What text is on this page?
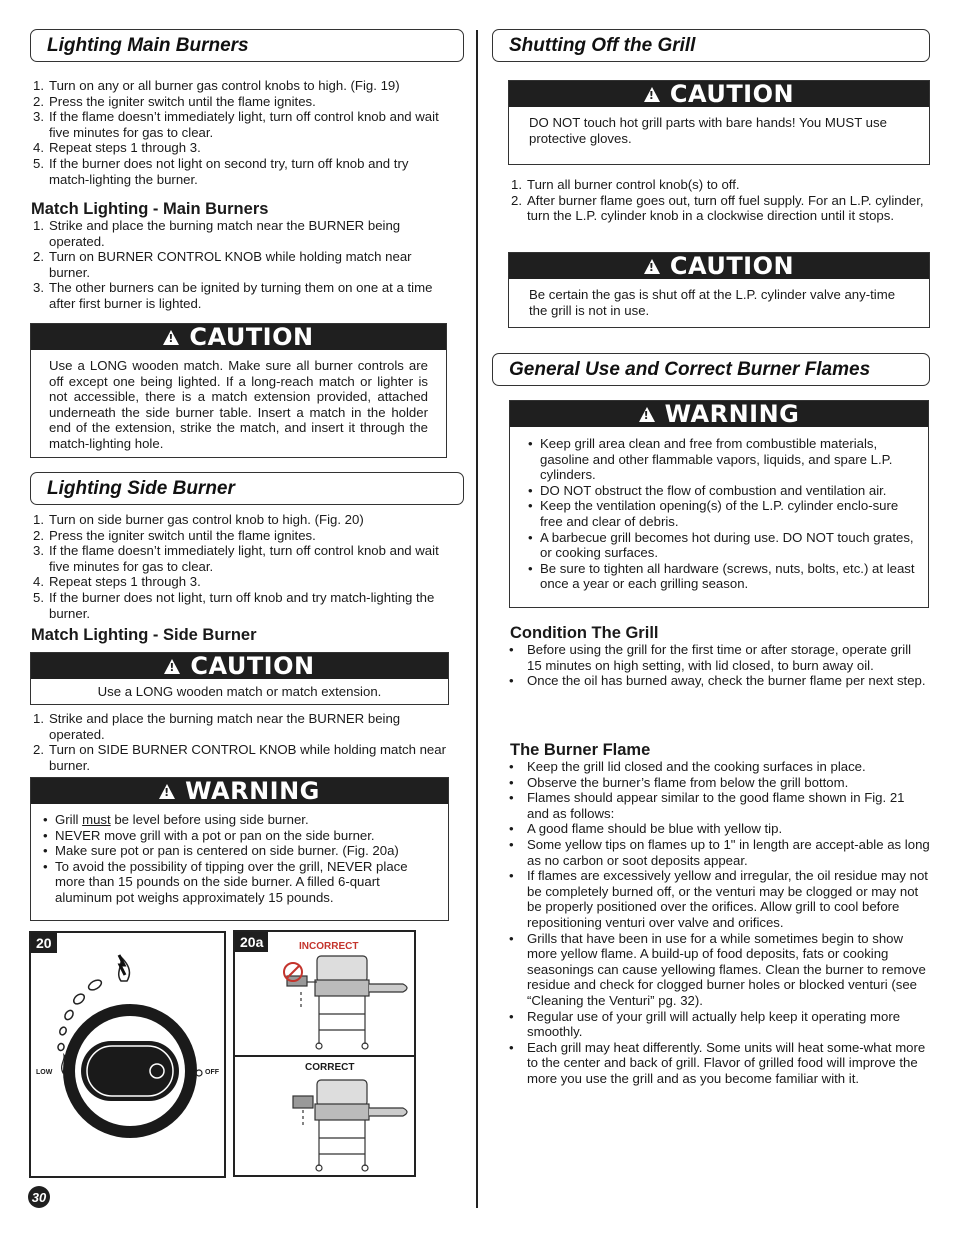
Lighting Main Burners
1. Turn on any or all burner gas control knobs to high. (Fig. 19)
2. Press the igniter switch until the flame ignites.
3. If the flame doesn’t immediately light, turn off control knob and wait five minutes for gas to clear.
4. Repeat steps 1 through 3.
5. If the burner does not light on second try, turn off knob and try match-lighting the burner.
Match Lighting - Main Burners
1. Strike and place the burning match near the BURNER being operated.
2. Turn on BURNER CONTROL KNOB while holding match near burner.
3. The other burners can be ignited by turning them on one at a time after first burner is lighted.
!
CAUTION
Use a LONG wooden match. Make sure all burner controls are off except one being lighted. If a long-reach match or lighter is not accessible, there is a match extension provided, attached underneath the side burner table. Insert a match in the holder end of the extension, strike the match, and insert it through the match-lighting hole.
Lighting Side Burner
1. Turn on side burner gas control knob to high. (Fig. 20)
2. Press the igniter switch until the flame ignites.
3. If the flame doesn’t immediately light, turn off control knob and wait five minutes for gas to clear.
4. Repeat steps 1 through 3.
5. If the burner does not light, turn off knob and try match-lighting the burner.
Match Lighting - Side Burner
!
CAUTION
Use a LONG wooden match or match extension.
1. Strike and place the burning match near the BURNER being operated.
2. Turn on SIDE BURNER CONTROL KNOB while holding match near burner.
!
WARNING
• Grill must be level before using side burner.
• NEVER move grill with a pot or pan on the side burner.
• Make sure pot or pan is centered on side burner. (Fig. 20a)
• To avoid the possibility of tipping over the grill, NEVER place more than 15 pounds on the side burner. A filled 6-quart aluminum pot weighs approximately 15 pounds.
20
LOW	OFF
20a	INCORRECT
CORRECT
30
Shutting Off the Grill
!
CAUTION
DO NOT touch hot grill parts with bare hands! You MUST use protective gloves.
1. Turn all burner control knob(s) to off.
2. After burner flame goes out, turn off fuel supply. For an L.P. cylinder, turn the L.P. cylinder knob in a clockwise direction until it stops.
!
CAUTION
Be certain the gas is shut off at the L.P. cylinder valve any-time the grill is not in use.
General Use and Correct Burner Flames
!
WARNING
• Keep grill area clean and free from combustible materials, gasoline and other flammable vapors, liquids, and spare L.P. cylinders.
• DO NOT obstruct the flow of combustion and ventilation air.
• Keep the ventilation opening(s) of the L.P. cylinder enclo-sure free and clear of debris.
• A barbecue grill becomes hot during use. DO NOT touch grates, or cooking surfaces.
• Be sure to tighten all hardware (screws, nuts, bolts, etc.) at least once a year or each grilling season.
Condition The Grill
• Before using the grill for the first time or after storage, operate grill 15 minutes on high setting, with lid closed, to burn away oil.
• Once the oil has burned away, check the burner flame per next step.
The Burner Flame
• Keep the grill lid closed and the cooking surfaces in place.
• Observe the burner’s flame from below the grill bottom.
• Flames should appear similar to the good flame shown in Fig. 21 and as follows:
• A good flame should be blue with yellow tip.
• Some yellow tips on flames up to 1" in length are accept-able as long as no carbon or soot deposits appear.
• If flames are excessively yellow and irregular, the oil residue may not be completely burned off, or the venturi may be clogged or may not be properly positioned over the orifices. Allow grill to cool before repositioning venturi over valve and orifices.
• Grills that have been in use for a while sometimes begin to show more yellow flame. A build-up of food deposits, fats or cooking seasonings can cause yellowing flames. Clean the burner to remove residue and check for clogged burner holes or blocked venturi (see “Cleaning the Venturi” pg. 32).
• Regular use of your grill will actually help keep it operating more smoothly.
• Each grill may heat differently. Some units will heat some-what more to the center and back of grill. Flavor of grilled food will improve the more you use the grill and as you become familiar with it.
